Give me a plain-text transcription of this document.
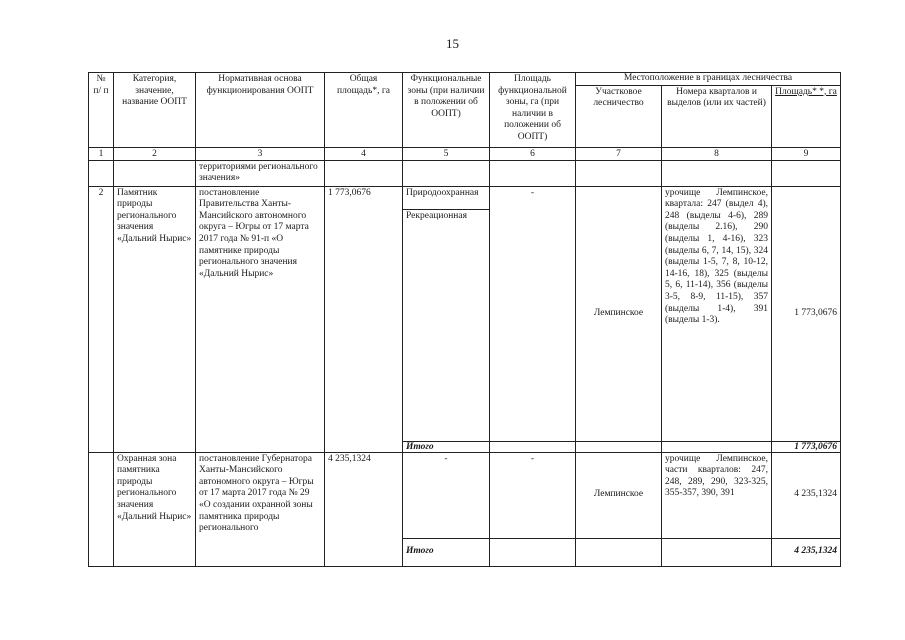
15
№ п/ п	Категория, значение, название ООПТ	Нормативная основа функционирования ООПТ	Общая площадь*, га	Функциональные зоны (при наличии в положении об ООПТ)	Площадь функциональной зоны, га (при наличии в положении об ООПТ)	Местоположение в границах лесничества		
						Участковое лесничество	Номера кварталов и выделов (или их частей)	Площадь* *, га
1	2	3	4	5	6	7	8	9
		территориями регионального значения»						
2	Памятник природы регионального значения «Дальний Нырис»	постановление Правительства Ханты-Мансийского автономного округа – Югры от 17 марта 2017 года № 91-п «О памятнике природы регионального значения «Дальний Нырис»	1 773,0676	Природоохранная	-	Лемпинское	урочище Лемпинское, квартала: 247 (выдел 4), 248 (выделы 4-6), 289 (выделы 2.16), 290 (выделы 1, 4-16), 323 (выделы 6, 7, 14, 15), 324 (выделы 1-5, 7, 8, 10-12, 14-16, 18), 325 (выделы 5, 6, 11-14), 356 (выделы 3-5, 8-9, 11-15), 357 (выделы 1-4), 391 (выделы 1-3).	1 773,0676
				Рекреационная				
				Итого				1 773,0676
	Охранная зона памятника природы регионального значения «Дальний Нырис»	постановление Губернатора Ханты-Мансийского автономного округа – Югры от 17 марта 2017 года № 29 «О создании охранной зоны памятника природы регионального	4 235,1324	-	-	Лемпинское	урочище Лемпинское, части кварталов: 247, 248, 289, 290, 323-325, 355-357, 390, 391	4 235,1324
				Итого				4 235,1324
